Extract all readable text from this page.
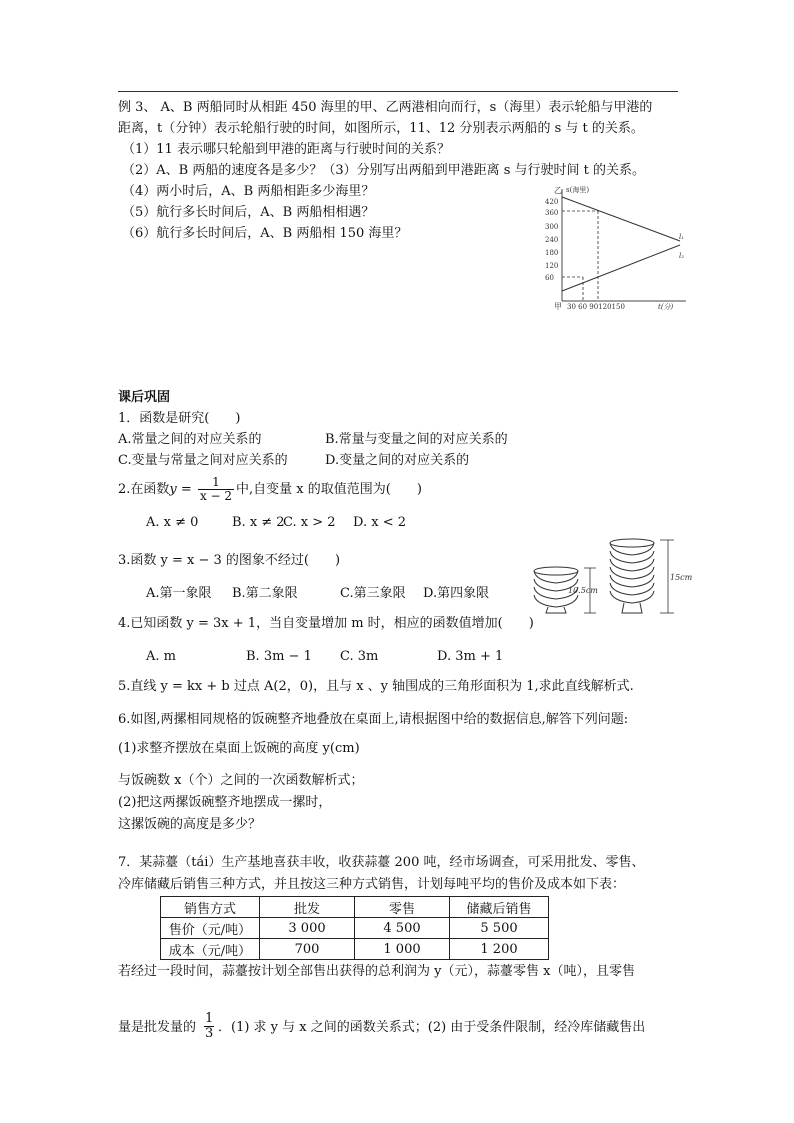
例 3、 A、B 两船同时从相距 450 海里的甲、乙两港相向而行，s（海里）表示轮船与甲港的
距离，t（分钟）表示轮船行驶的时间，如图所示，11、12 分别表示两船的 s 与 t 的关系。
（1）11 表示哪只轮船到甲港的距离与行驶时间的关系？
（2）A、B 两船的速度各是多少？（3）分别写出两船到甲港距离 s 与行驶时间 t 的关系。
（4）两小时后，A、B 两船相距多少海里？
（5）航行多长时间后，A、B 两船相相遇？
（6）航行多长时间后，A、B 两船相 150 海里？
乙 s(海里)
甲
420
360
300
240
180
120
60
30 60 90120150	t(分)
l₁
l₂
课后巩固
1．函数是研究(　　)
A.常量之间的对应关系的	B.常量与变量之间的对应关系的
C.变量与常量之间对应关系的	D.变量之间的对应关系的
2.在函数$y = \frac{1}{x - 2}$ 中,自变量 x 的取值范围为(　　)
A. x ≠ 0	B. x ≠ 2
C. x > 2 D. x < 2
3.函数 y = x − 3 的图象不经过(　　)
A.第一象限 B.第二象限	C.第三象限 D.第四象限
4.已知函数 y = 3x + 1，当自变量增加 m 时，相应的函数值增加(　　)
A. m	B. 3m − 1 C. 3m	D. 3m + 1
5.直线 y = kx + b 过点 A(2，0)，且与 x 、y 轴围成的三角形面积为 1,求此直线解析式.
6.如图,两摞相同规格的饭碗整齐地叠放在桌面上,请根据图中给的数据信息,解答下列问题:
(1)求整齐摆放在桌面上饭碗的高度 y(cm)
与饭碗数 x（个）之间的一次函数解析式；
(2)把这两摞饭碗整齐地摆成一摞时，
这摞饭碗的高度是多少？
10.5cm
15cm
7．某蒜薹（tái）生产基地喜获丰收，收获蒜薹 200 吨，经市场调查，可采用批发、零售、
冷库储藏后销售三种方式，并且按这三种方式销售，计划每吨平均的售价及成本如下表：
销售方式	批发	零售	储藏后销售
售价（元/吨）	3 000	4 500	5 500
成本（元/吨）	700	1 000	1 200
若经过一段时间，蒜薹按计划全部售出获得的总利润为 y（元），蒜薹零售 x（吨），且零售
量是批发量的 $\frac{1}{3}$ ．(1) 求 y 与 x 之间的函数关系式；(2) 由于受条件限制，经冷库储藏售出
